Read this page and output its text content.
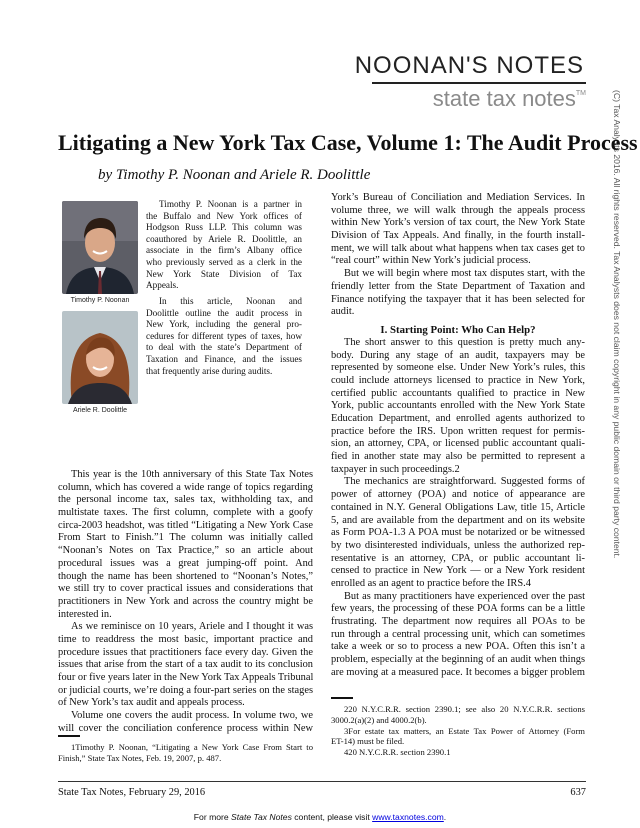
NOONAN'S NOTES
state tax notes™	(C) Tax Analysts 2016. All rights reserved. Tax Analysts does not claim copyright in any public domain or third party content.
Litigating a New York Tax Case, Volume 1: The Audit Process
by Timothy P. Noonan and Ariele R. Doolittle
Timothy P. Noonan
Ariele R. Doolittle
Timothy P. Noonan is a partner in
the Buffalo and New York offices of
Hodgson Russ LLP. This column was
coauthored by Ariele R. Doolittle, an
associate in the firm’s Albany office
who previously served as a clerk in the
New York State Division of Tax
Appeals.
In this article, Noonan and
Doolittle outline the audit process in
New York, including the general pro-
cedures for different types of taxes, how
to deal with the state’s Department of
Taxation and Finance, and the issues
that frequently arise during audits.
This year is the 10th anniversary of this State Tax Notes
column, which has covered a wide range of topics regarding
the personal income tax, sales tax, withholding tax, and
multistate taxes. The first column, complete with a goofy
circa-2003 headshot, was titled “Litigating a New York Case
From Start to Finish.”1 The column was initially called
“Noonan’s Notes on Tax Practice,” so an article about
procedural issues was a great jumping-off point. And
though the name has been shortened to “Noonan’s Notes,”
we still try to cover practical issues and considerations that
practitioners in New York and across the country might be
interested in.
As we reminisce on 10 years, Ariele and I thought it was
time to readdress the most basic, important practice and
procedure issues that practitioners face every day. Given the
issues that arise from the start of a tax audit to its conclusion
four or five years later in the New York Tax Appeals Tribunal
or judicial courts, we’re doing a four-part series on the stages
of New York’s tax audit and appeals process.
Volume one covers the audit process. In volume two, we
will cover the conciliation conference process within New
1Timothy P. Noonan, “Litigating a New York Case From Start to
Finish,” State Tax Notes, Feb. 19, 2007, p. 487.
York’s Bureau of Conciliation and Mediation Services. In
volume three, we will walk through the appeals process
within New York’s version of tax court, the New York State
Division of Tax Appeals. And finally, in the fourth install-
ment, we will talk about what happens when tax cases get to
“real court” within New York’s judicial process.
But we will begin where most tax disputes start, with the
friendly letter from the State Department of Taxation and
Finance notifying the taxpayer that it has been selected for
audit.
I. Starting Point: Who Can Help?
The short answer to this question is pretty much any-
body. During any stage of an audit, taxpayers may be
represented by someone else. Under New York’s rules, this
could include attorneys licensed to practice in New York,
certified public accountants qualified to practice in New
York, public accountants enrolled with the New York State
Education Department, and enrolled agents authorized to
practice before the IRS. Upon written request for permis-
sion, an attorney, CPA, or licensed public accountant quali-
fied in another state may also be permitted to represent a
taxpayer in such proceedings.2
The mechanics are straightforward. Suggested forms of
power of attorney (POA) and notice of appearance are
contained in N.Y. General Obligations Law, title 15, Article
5, and are available from the department and on its website
as Form POA-1.3 A POA must be notarized or be witnessed
by two disinterested individuals, unless the authorized rep-
resentative is an attorney, CPA, or public accountant li-
censed to practice in New York — or a New York resident
enrolled as an agent to practice before the IRS.4
But as many practitioners have experienced over the past
few years, the processing of these POA forms can be a little
frustrating. The department now requires all POAs to be
run through a central processing unit, which can sometimes
take a week or so to process a new POA. Often this isn’t a
problem, especially at the beginning of an audit when things
are moving at a measured pace. It becomes a bigger problem
220 N.Y.C.R.R. section 2390.1; see also 20 N.Y.C.R.R. sections
3000.2(a)(2) and 4000.2(b).
3For estate tax matters, an Estate Tax Power of Attorney (Form
ET-14) must be filed.
420 N.Y.C.R.R. section 2390.1
State Tax Notes, February 29, 2016	637
For more State Tax Notes content, please visit www.taxnotes.com.
